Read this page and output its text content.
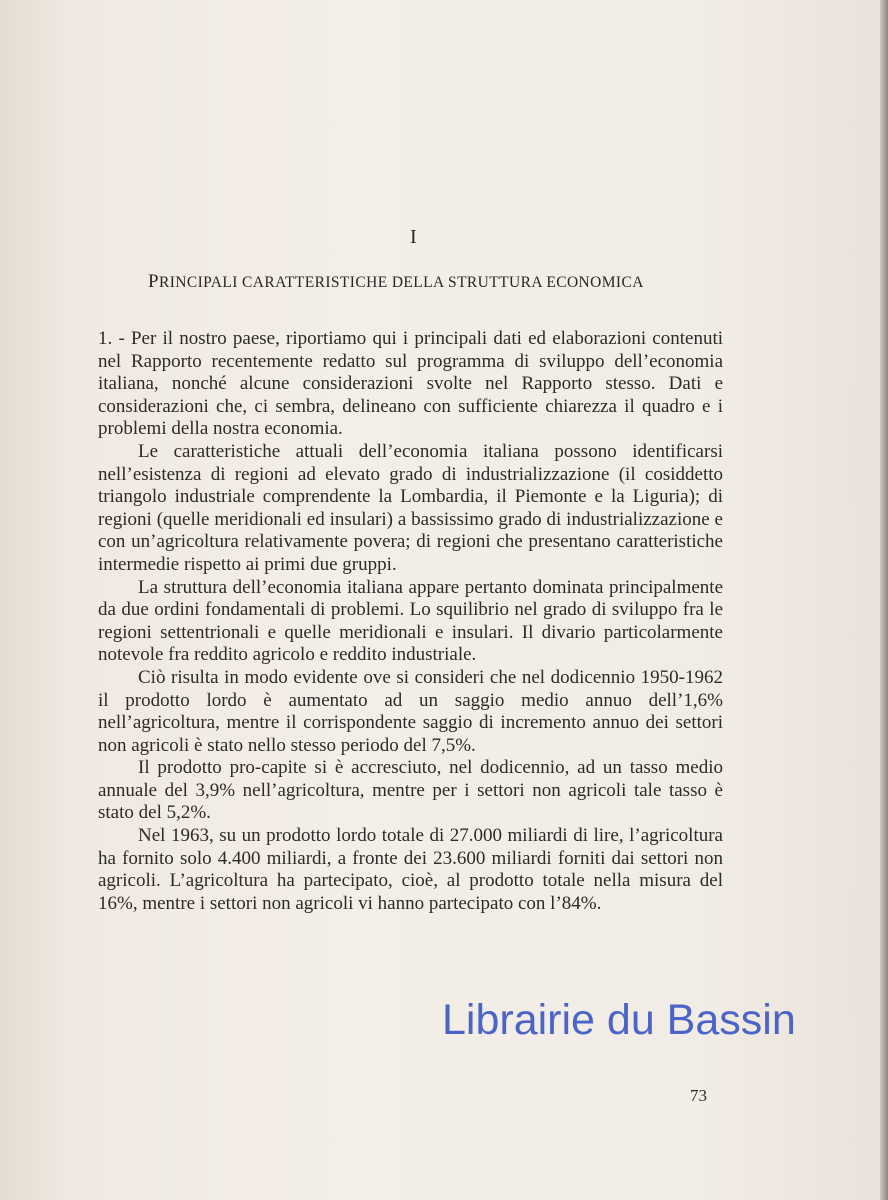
I
PRINCIPALI CARATTERISTICHE DELLA STRUTTURA ECONOMICA

1. - Per il nostro paese, riportiamo qui i principali dati ed elaborazioni contenuti nel Rapporto recentemente redatto sul programma di sviluppo dell’economia italiana, nonché alcune considerazioni svolte nel Rapporto stesso. Dati e considerazioni che, ci sembra, delineano con sufficiente chiarezza il quadro e i problemi della nostra economia.

Le caratteristiche attuali dell’economia italiana possono identificarsi nell’esistenza di regioni ad elevato grado di industrializzazione (il cosiddetto triangolo industriale comprendente la Lombardia, il Piemonte e la Liguria); di regioni (quelle meridionali ed insulari) a bassissimo grado di industrializzazione e con un’agricoltura relativamente povera; di regioni che presentano caratteristiche intermedie rispetto ai primi due gruppi.

La struttura dell’economia italiana appare pertanto dominata principalmente da due ordini fondamentali di problemi. Lo squilibrio nel grado di sviluppo fra le regioni settentrionali e quelle meridionali e insulari. Il divario particolarmente notevole fra reddito agricolo e reddito industriale.

Ciò risulta in modo evidente ove si consideri che nel dodicennio 1950-1962 il prodotto lordo è aumentato ad un saggio medio annuo dell’1,6% nell’agricoltura, mentre il corrispondente saggio di incremento annuo dei settori non agricoli è stato nello stesso periodo del 7,5%.

Il prodotto pro-capite si è accresciuto, nel dodicennio, ad un tasso medio annuale del 3,9% nell’agricoltura, mentre per i settori non agricoli tale tasso è stato del 5,2%.

Nel 1963, su un prodotto lordo totale di 27.000 miliardi di lire, l’agricoltura ha fornito solo 4.400 miliardi, a fronte dei 23.600 miliardi forniti dai settori non agricoli. L’agricoltura ha partecipato, cioè, al prodotto totale nella misura del 16%, mentre i settori non agricoli vi hanno partecipato con l’84%.

73
Librairie du Bassin
